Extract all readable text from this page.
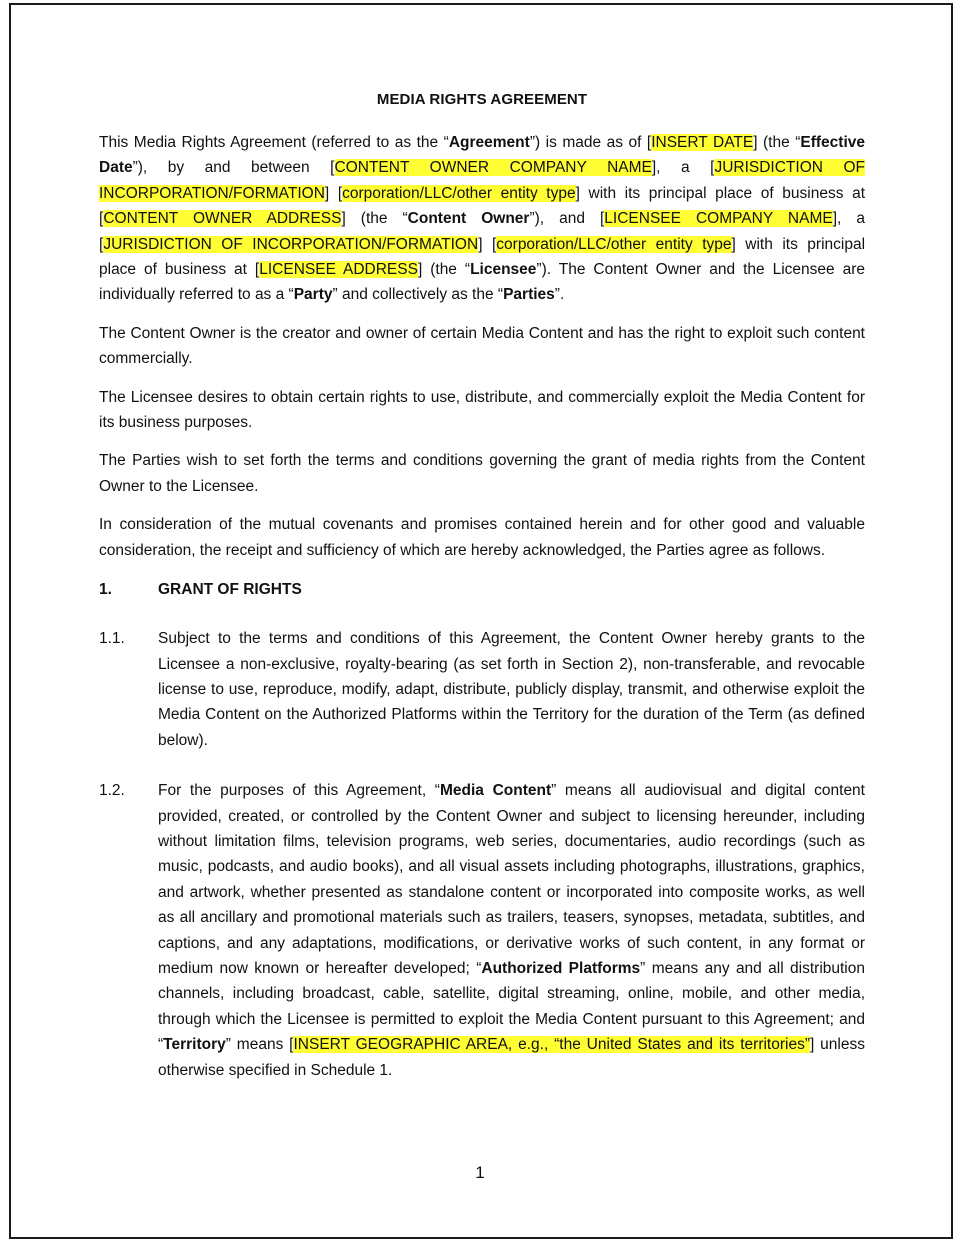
MEDIA RIGHTS AGREEMENT

This Media Rights Agreement (referred to as the “Agreement”) is made as of [INSERT DATE] (the “Effective Date”), by and between [CONTENT OWNER COMPANY NAME], a [JURISDICTION OF INCORPORATION/FORMATION] [corporation/LLC/other entity type] with its principal place of business at [CONTENT OWNER ADDRESS] (the “Content Owner”), and [LICENSEE COMPANY NAME], a [JURISDICTION OF INCORPORATION/FORMATION] [corporation/LLC/other entity type] with its principal place of business at [LICENSEE ADDRESS] (the “Licensee”). The Content Owner and the Licensee are individually referred to as a “Party” and collectively as the “Parties”.

The Content Owner is the creator and owner of certain Media Content and has the right to exploit such content commercially.

The Licensee desires to obtain certain rights to use, distribute, and commercially exploit the Media Content for its business purposes.

The Parties wish to set forth the terms and conditions governing the grant of media rights from the Content Owner to the Licensee.

In consideration of the mutual covenants and promises contained herein and for other good and valuable consideration, the receipt and sufficiency of which are hereby acknowledged, the Parties agree as follows.

1.	GRANT OF RIGHTS
1.1.	Subject to the terms and conditions of this Agreement, the Content Owner hereby grants to the Licensee a non-exclusive, royalty-bearing (as set forth in Section 2), non-transferable, and revocable license to use, reproduce, modify, adapt, distribute, publicly display, transmit, and otherwise exploit the Media Content on the Authorized Platforms within the Territory for the duration of the Term (as defined below).

1.2.	For the purposes of this Agreement, “Media Content” means all audiovisual and digital content provided, created, or controlled by the Content Owner and subject to licensing hereunder, including without limitation films, television programs, web series, documentaries, audio recordings (such as music, podcasts, and audio books), and all visual assets including photographs, illustrations, graphics, and artwork, whether presented as standalone content or incorporated into composite works, as well as all ancillary and promotional materials such as trailers, teasers, synopses, metadata, subtitles, and captions, and any adaptations, modifications, or derivative works of such content, in any format or medium now known or hereafter developed; “Authorized Platforms” means any and all distribution channels, including broadcast, cable, satellite, digital streaming, online, mobile, and other media, through which the Licensee is permitted to exploit the Media Content pursuant to this Agreement; and “Territory” means [INSERT GEOGRAPHIC AREA, e.g., “the United States and its territories”] unless otherwise specified in Schedule 1.

1
